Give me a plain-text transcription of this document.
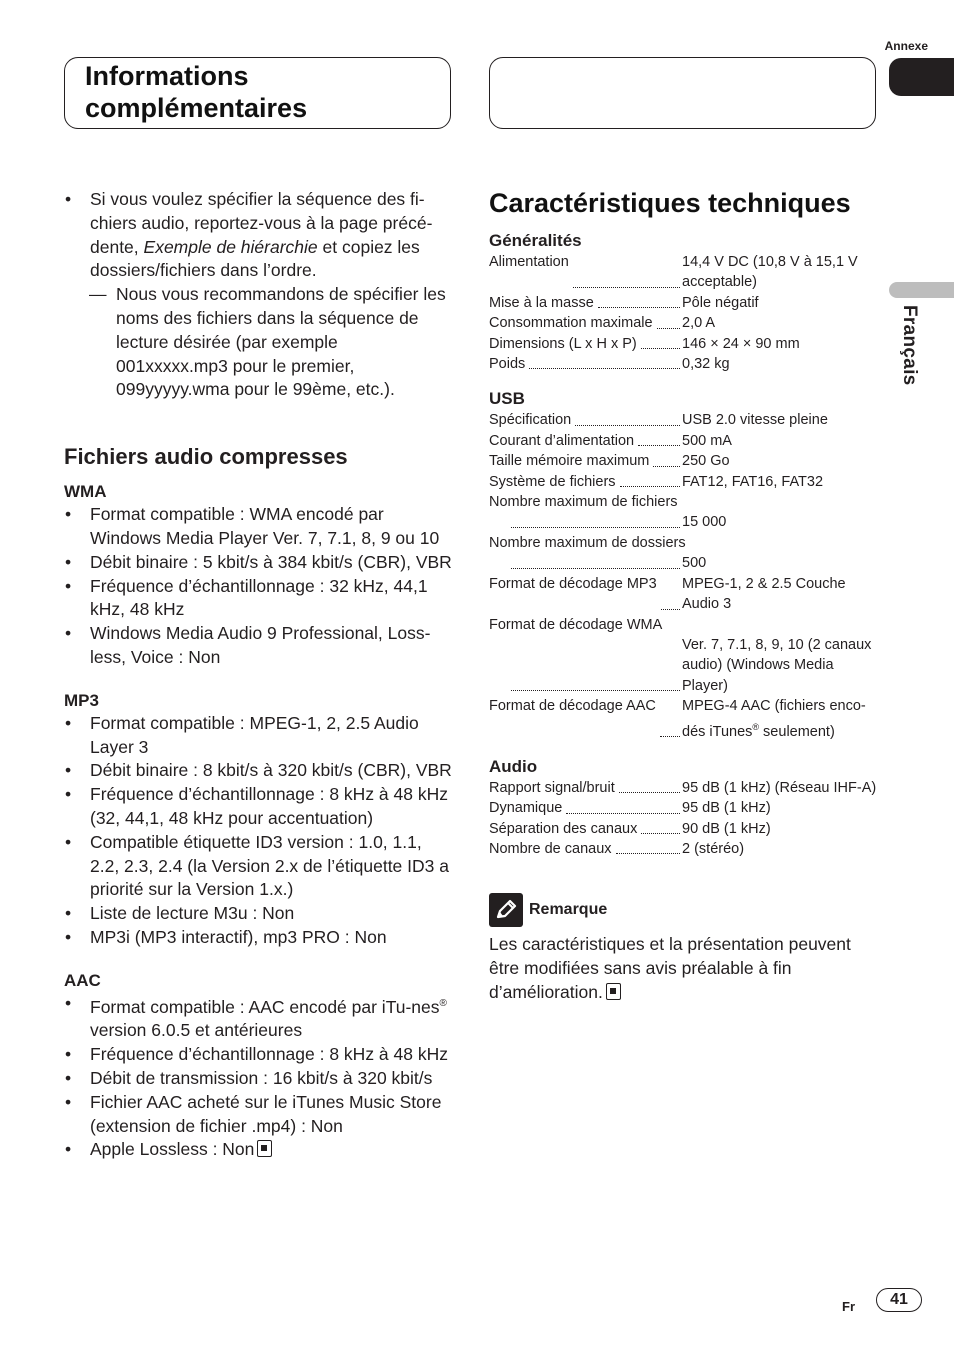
Informations
complémentaires
Annexe
Français
• Si vous voulez spécifier la séquence des fi-chiers audio, reportez-vous à la page précé-dente, Exemple de hiérarchie et copiez les dossiers/fichiers dans l’ordre.
— Nous vous recommandons de spécifier les noms des fichiers dans la séquence de lecture désirée (par exemple 001xxxxx.mp3 pour le premier, 099yyyyy.wma pour le 99ème, etc.).
Fichiers audio compresses
WMA
• Format compatible : WMA encodé par Windows Media Player Ver. 7, 7.1, 8, 9 ou 10
• Débit binaire : 5 kbit/s à 384 kbit/s (CBR), VBR
• Fréquence d’échantillonnage : 32 kHz, 44,1 kHz, 48 kHz
• Windows Media Audio 9 Professional, Loss-less, Voice : Non
MP3
• Format compatible : MPEG-1, 2, 2.5 Audio Layer 3
• Débit binaire : 8 kbit/s à 320 kbit/s (CBR), VBR
• Fréquence d’échantillonnage : 8 kHz à 48 kHz (32, 44,1, 48 kHz pour accentuation)
• Compatible étiquette ID3 version : 1.0, 1.1, 2.2, 2.3, 2.4 (la Version 2.x de l’étiquette ID3 a priorité sur la Version 1.x.)
• Liste de lecture M3u : Non
• MP3i (MP3 interactif), mp3 PRO : Non
AAC
• Format compatible : AAC encodé par iTu-nes® version 6.0.5 et antérieures
• Fréquence d’échantillonnage : 8 kHz à 48 kHz
• Débit de transmission : 16 kbit/s à 320 kbit/s
• Fichier AAC acheté sur le iTunes Music Store (extension de fichier .mp4) : Non
• Apple Lossless : Non
Caractéristiques techniques
Généralités
Alimentation	14,4 V DC (10,8 V à 15,1 V acceptable)
Mise à la masse	Pôle négatif
Consommation maximale 2,0 A
Dimensions (L x H x P)	146 × 24 × 90 mm
Poids	0,32 kg
USB
Spécification	USB 2.0 vitesse pleine
Courant d’alimentation	500 mA
Taille mémoire maximum 250 Go
Système de fichiers	FAT12, FAT16, FAT32
Nombre maximum de fichiers
15 000
Nombre maximum de dossiers
500
Format de décodage MP3 MPEG-1, 2 & 2.5 Couche Audio 3
Format de décodage WMA
Ver. 7, 7.1, 8, 9, 10 (2 canaux audio) (Windows Media Player)
Format de décodage AAC MPEG-4 AAC (fichiers enco-dés iTunes® seulement)
Audio
Rapport signal/bruit	95 dB (1 kHz) (Réseau IHF-A)
Dynamique	95 dB (1 kHz)
Séparation des canaux	90 dB (1 kHz)
Nombre de canaux	2 (stéréo)
Remarque
Les caractéristiques et la présentation peuvent être modifiées sans avis préalable à fin d’amélioration.
Fr	41
